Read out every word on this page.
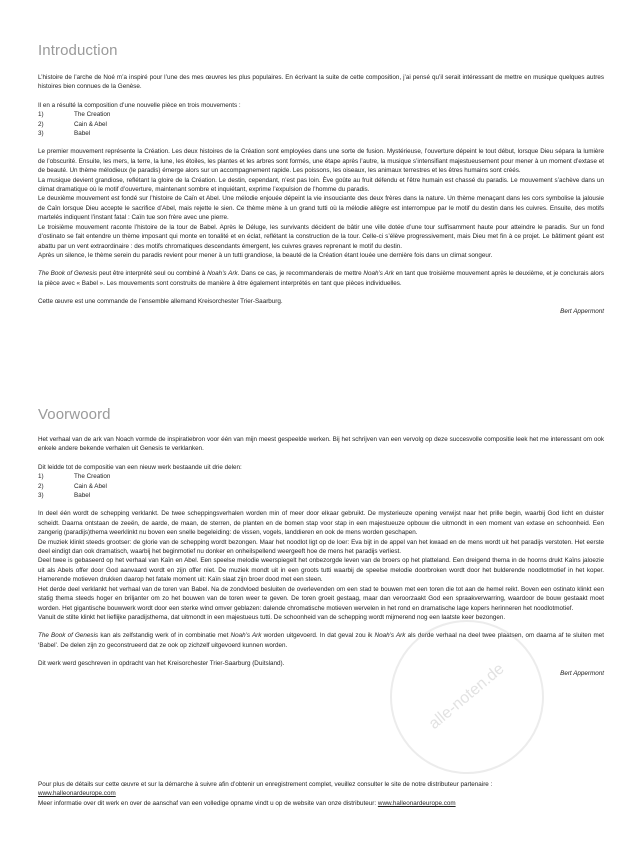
Introduction

L’histoire de l’arche de Noé m’a inspiré pour l’une des mes œuvres les plus populaires. En écrivant la suite de cette composition, j’ai pensé qu’il serait intéressant de mettre en musique quelques autres histoires bien connues de la Genèse.

Il en a résulté la composition d’une nouvelle pièce en trois mouvements :

1)	The Creation
2)	Cain & Abel
3)	Babel

Le premier mouvement représente la Création. Les deux histoires de la Création sont employées dans une sorte de fusion. Mystérieuse, l’ouverture dépeint le tout début, lorsque Dieu sépara la lumière de l’obscurité. Ensuite, les mers, la terre, la lune, les étoiles, les plantes et les arbres sont formés, une étape après l’autre, la musique s’intensifiant majestueusement pour mener à un moment d’extase et de beauté. Un thème mélodieux (le paradis) émerge alors sur un accompagnement rapide. Les poissons, les oiseaux, les animaux terrestres et les êtres humains sont créés.

La musique devient grandiose, reflétant la gloire de la Création. Le destin, cependant, n’est pas loin. Ève goûte au fruit défendu et l’être humain est chassé du paradis. Le mouvement s’achève dans un climat dramatique où le motif d’ouverture, maintenant sombre et inquiétant, exprime l’expulsion de l’homme du paradis.

Le deuxième mouvement est fondé sur l’histoire de Caïn et Abel. Une mélodie enjouée dépeint la vie insouciante des deux frères dans la nature. Un thème menaçant dans les cors symbolise la jalousie de Caïn lorsque Dieu accepte le sacrifice d’Abel, mais rejette le sien. Ce thème mène à un grand tutti où la mélodie allègre est interrompue par le motif du destin dans les cuivres. Ensuite, des motifs martelés indiquent l’instant fatal : Caïn tue son frère avec une pierre.

Le troisième mouvement raconte l’histoire de la tour de Babel. Après le Déluge, les survivants décident de bâtir une ville dotée d’une tour suffisamment haute pour atteindre le paradis. Sur un fond d’ostinato se fait entendre un thème imposant qui monte en tonalité et en éclat, reflétant la construction de la tour. Celle-ci s’élève progressivement, mais Dieu met fin à ce projet. Le bâtiment géant est abattu par un vent extraordinaire : des motifs chromatiques descendants émergent, les cuivres graves reprenant le motif du destin.

Après un silence, le thème serein du paradis revient pour mener à un tutti grandiose, la beauté de la Création étant louée une dernière fois dans un climat songeur.

The Book of Genesis peut être interprété seul ou combiné à Noah’s Ark. Dans ce cas, je recommanderais de mettre Noah’s Ark en tant que troisième mouvement après le deuxième, et je conclurais alors la pièce avec « Babel ». Les mouvements sont construits de manière à être également interprétés en tant que pièces individuelles.

Cette œuvre est une commande de l’ensemble allemand Kreisorchester Trier-Saarburg.

Bert Appermont
Voorwoord

Het verhaal van de ark van Noach vormde de inspiratiebron voor één van mijn meest gespeelde werken. Bij het schrijven van een vervolg op deze succesvolle compositie leek het me interessant om ook enkele andere bekende verhalen uit Genesis te verklanken.

Dit leidde tot de compositie van een nieuw werk bestaande uit drie delen:

1)	The Creation
2)	Cain & Abel
3)	Babel

In deel één wordt de schepping verklankt. De twee scheppingsverhalen worden min of meer door elkaar gebruikt. De mysterieuze opening verwijst naar het prille begin, waarbij God licht en duister scheidt. Daarna ontstaan de zeeën, de aarde, de maan, de sterren, de planten en de bomen stap voor stap in een majestueuze opbouw die uitmondt in een moment van extase en schoonheid. Een zangerig (paradijs)thema weerklinkt nu boven een snelle begeleiding: de vissen, vogels, landdieren en ook de mens worden geschapen.

De muziek klinkt steeds grootser: de glorie van de schepping wordt bezongen. Maar het noodlot ligt op de loer: Eva bijt in de appel van het kwaad en de mens wordt uit het paradijs verstoten. Het eerste deel eindigt dan ook dramatisch, waarbij het beginmotief nu donker en onheilspellend weergeeft hoe de mens het paradijs verliest.

Deel twee is gebaseerd op het verhaal van Kaïn en Abel. Een speelse melodie weerspiegelt het onbezorgde leven van de broers op het platteland. Een dreigend thema in de hoorns drukt Kaïns jaloezie uit als Abels offer door God aanvaard wordt en zijn offer niet. De muziek mondt uit in een groots tutti waarbij de speelse melodie doorbroken wordt door het bulderende noodlotmotief in het koper. Hamerende motieven drukken daarop het fatale moment uit: Kaïn slaat zijn broer dood met een steen.

Het derde deel verklankt het verhaal van de toren van Babel. Na de zondvloed besluiten de overlevenden om een stad te bouwen met een toren die tot aan de hemel reikt. Boven een ostinato klinkt een statig thema steeds hoger en briljanter om zo het bouwen van de toren weer te geven. De toren groeit gestaag, maar dan veroorzaakt God een spraakverwarring, waardoor de bouw gestaakt moet worden. Het gigantische bouwwerk wordt door een sterke wind omver geblazen: dalende chromatische motieven wervelen in het rond en dramatische lage kopers herinneren het noodlotmotief.

Vanuit de stilte klinkt het lieflijke paradijsthema, dat uitmondt in een majestueus tutti. De schoonheid van de schepping wordt mijmerend nog een laatste keer bezongen.

The Book of Genesis kan als zelfstandig werk of in combinatie met Noah’s Ark worden uitgevoerd. In dat geval zou ik Noah’s Ark als derde verhaal na deel twee plaatsen, om daarna af te sluiten met ‘Babel’. De delen zijn zo geconstrueerd dat ze ook op zichzelf uitgevoerd kunnen worden.

Dit werk werd geschreven in opdracht van het Kreisorchester Trier-Saarburg (Duitsland).

Bert Appermont

Pour plus de détails sur cette œuvre et sur la démarche à suivre afin d’obtenir un enregistrement complet, veuillez consulter le site de notre distributeur partenaire :

www.halleonardeurope.com

Meer informatie over dit werk en over de aanschaf van een volledige opname vindt u op de website van onze distributeur: www.halleonardeurope.com

alle-noten.de
